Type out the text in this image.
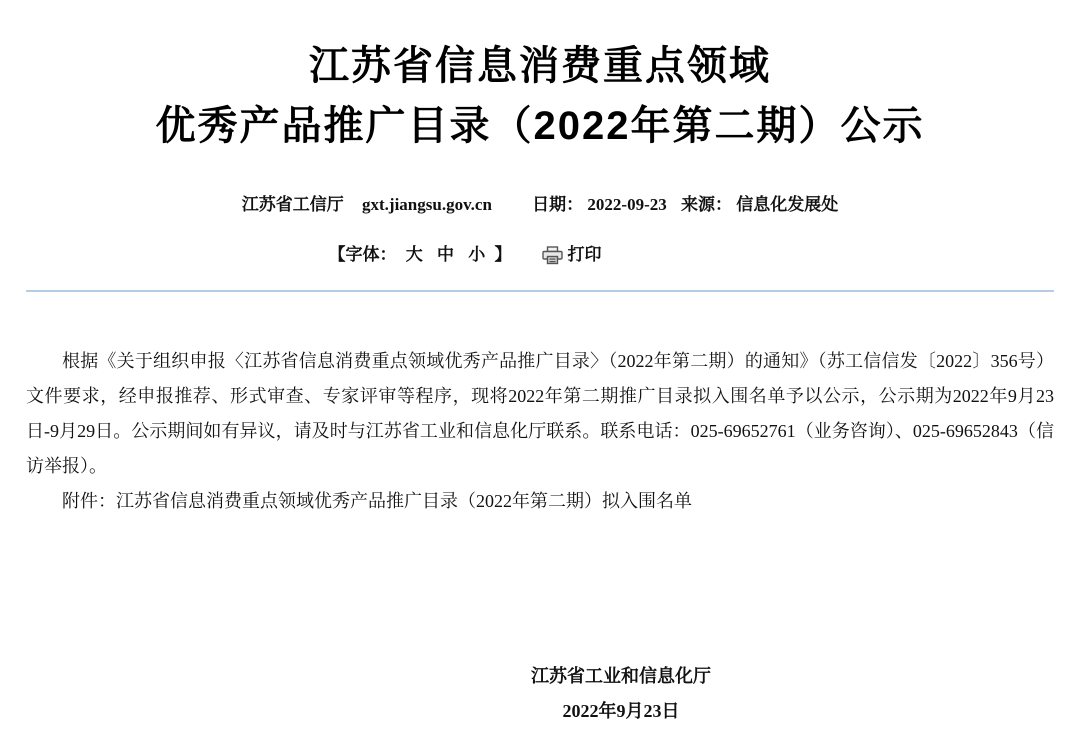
江苏省信息消费重点领域
优秀产品推广目录（2022年第二期）公示
江苏省工信厅 gxt.jiangsu.gov.cn 日期： 2022-09-23 来源： 信息化发展处
【字体： 大 中 小 】	打印

根据《关于组织申报〈江苏省信息消费重点领域优秀产品推广目录〉（2022年第二期）的通知》（苏工信信发〔2022〕356号）文件要求，经申报推荐、形式审查、专家评审等程序，现将2022年第二期推广目录拟入围名单予以公示，公示期为2022年9月23日-9月29日。公示期间如有异议，请及时与江苏省工业和信息化厅联系。联系电话：025-69652761（业务咨询）、025-69652843（信访举报）。

附件：江苏省信息消费重点领域优秀产品推广目录（2022年第二期）拟入围名单

江苏省工业和信息化厅
2022年9月23日
